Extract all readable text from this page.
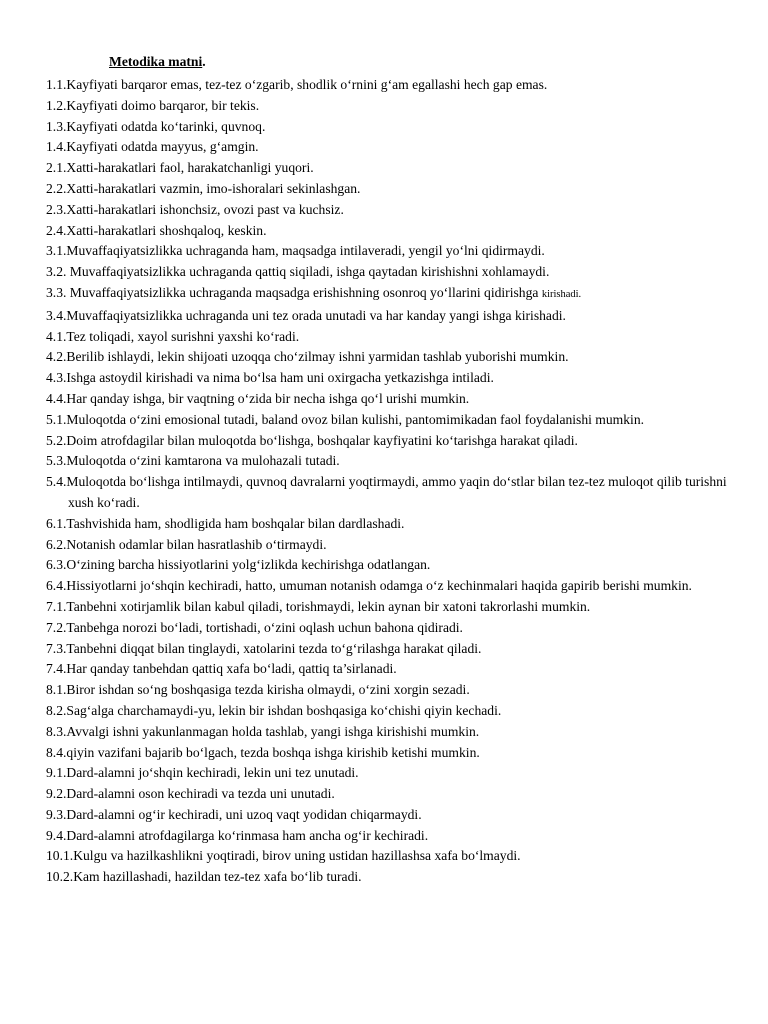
Metodika matni.
1.1.Kayfiyati barqaror emas, tez-tez o‘zgarib, shodlik o‘rnini g‘am egallashi hech gap emas.
1.2.Kayfiyati doimo barqaror, bir tekis.
1.3.Kayfiyati odatda ko‘tarinki, quvnoq.
1.4.Kayfiyati odatda mayyus, g‘amgin.
2.1.Xatti-harakatlari faol, harakatchanligi yuqori.
2.2.Xatti-harakatlari vazmin, imo-ishoralari sekinlashgan.
2.3.Xatti-harakatlari ishonchsiz, ovozi past va kuchsiz.
2.4.Xatti-harakatlari shoshqaloq, keskin.
3.1.Muvaffaqiyatsizlikka uchraganda ham, maqsadga intilaveradi, yengil yo‘lni qidirmaydi.
3.2. Muvaffaqiyatsizlikka uchraganda qattiq siqiladi, ishga qaytadan kirishishni xohlamaydi.
3.3. Muvaffaqiyatsizlikka uchraganda maqsadga erishishning osonroq yo‘llarini qidirishga kirishadi.
3.4.Muvaffaqiyatsizlikka uchraganda uni tez orada unutadi va har kanday yangi ishga kirishadi.
4.1.Tez toliqadi, xayol surishni yaxshi ko‘radi.
4.2.Berilib ishlaydi, lekin shijoati uzoqqa cho‘zilmay ishni yarmidan tashlab yuborishi mumkin.
4.3.Ishga astoydil kirishadi va nima bo‘lsa ham uni oxirgacha yetkazishga intiladi.
4.4.Har qanday ishga, bir vaqtning o‘zida bir necha ishga qo‘l urishi mumkin.
5.1.Muloqotda o‘zini emosional tutadi, baland ovoz bilan kulishi, pantomimikadan faol foydalanishi mumkin.
5.2.Doim atrofdagilar bilan muloqotda bo‘lishga, boshqalar kayfiyatini ko‘tarishga harakat qiladi.
5.3.Muloqotda o‘zini kamtarona va mulohazali tutadi.
5.4.Muloqotda bo‘lishga intilmaydi, quvnoq davralarni yoqtirmaydi, ammo yaqin do‘stlar bilan tez-tez muloqot qilib turishni xush ko‘radi.
6.1.Tashvishida ham, shodligida ham boshqalar bilan dardlashadi.
6.2.Notanish odamlar bilan hasratlashib o‘tirmaydi.
6.3.O‘zining barcha hissiyotlarini yolg‘izlikda kechirishga odatlangan.
6.4.Hissiyotlarni jo‘shqin kechiradi, hatto, umuman notanish odamga o‘z kechinmalari haqida gapirib berishi mumkin.
7.1.Tanbehni xotirjamlik bilan kabul qiladi, torishmaydi, lekin aynan bir xatoni takrorlashi mumkin.
7.2.Tanbehga norozi bo‘ladi, tortishadi, o‘zini oqlash uchun bahona qidiradi.
7.3.Tanbehni diqqat bilan tinglaydi, xatolarini tezda to‘g‘rilashga harakat qiladi.
7.4.Har qanday tanbehdan qattiq xafa bo‘ladi, qattiq ta’sirlanadi.
8.1.Biror ishdan so‘ng boshqasiga tezda kirisha olmaydi, o‘zini xorgin sezadi.
8.2.Sag‘alga charchamaydi-yu, lekin bir ishdan boshqasiga ko‘chishi qiyin kechadi.
8.3.Avvalgi ishni yakunlanmagan holda tashlab, yangi ishga kirishishi mumkin.
8.4.qiyin vazifani bajarib bo‘lgach, tezda boshqa ishga kirishib ketishi mumkin.
9.1.Dard-alamni jo‘shqin kechiradi, lekin uni tez unutadi.
9.2.Dard-alamni oson kechiradi va tezda uni unutadi.
9.3.Dard-alamni og‘ir kechiradi, uni uzoq vaqt yodidan chiqarmaydi.
9.4.Dard-alamni atrofdagilarga ko‘rinmasa ham ancha og‘ir kechiradi.
10.1.Kulgu va hazilkashlikni yoqtiradi, birov uning ustidan hazillashsa xafa bo‘lmaydi.
10.2.Kam hazillashadi, hazildan tez-tez xafa bo‘lib turadi.
